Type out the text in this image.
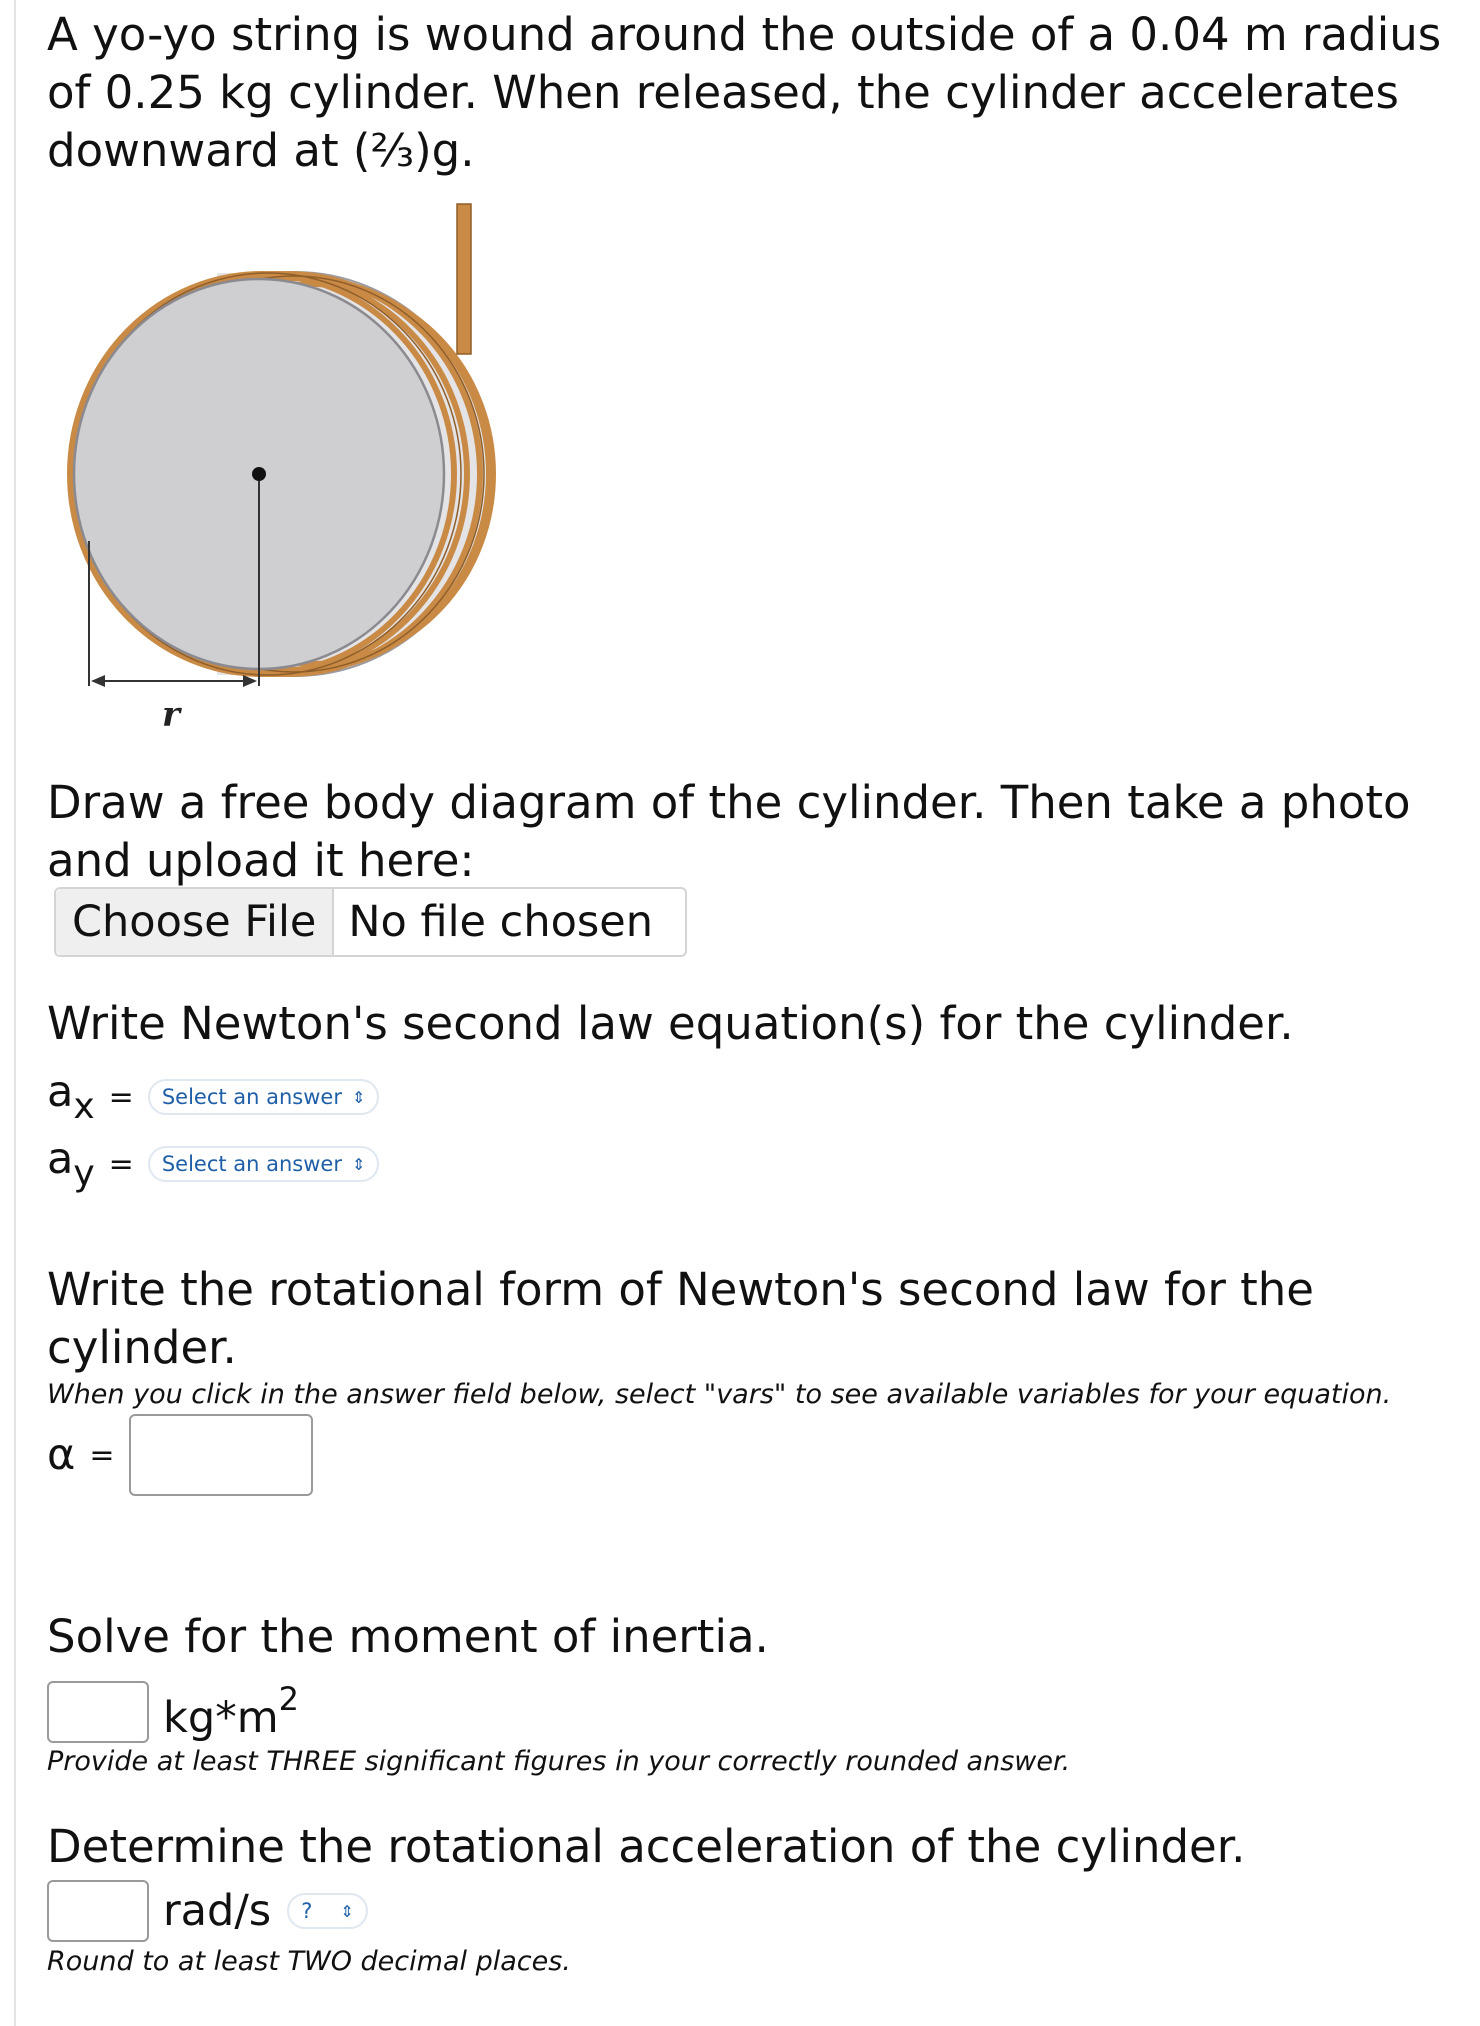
A yo-yo string is wound around the outside of a 0.04 m radius of 0.25 kg cylinder. When released, the cylinder accelerates downward at (⅔)g.

r

Draw a free body diagram of the cylinder. Then take a photo and upload it here:

Choose File No file chosen

Write Newton's second law equation(s) for the cylinder.

$a_x$ = Select an answer ⇕
$a_y$ = Select an answer ⇕

Write the rotational form of Newton's second law for the cylinder.

When you click in the answer field below, select "vars" to see available variables for your equation.

α =

Solve for the moment of inertia.

$kg*m^2$

Provide at least THREE significant figures in your correctly rounded answer.

Determine the rotational acceleration of the cylinder.

rad/s ? ⇕

Round to at least TWO decimal places.
